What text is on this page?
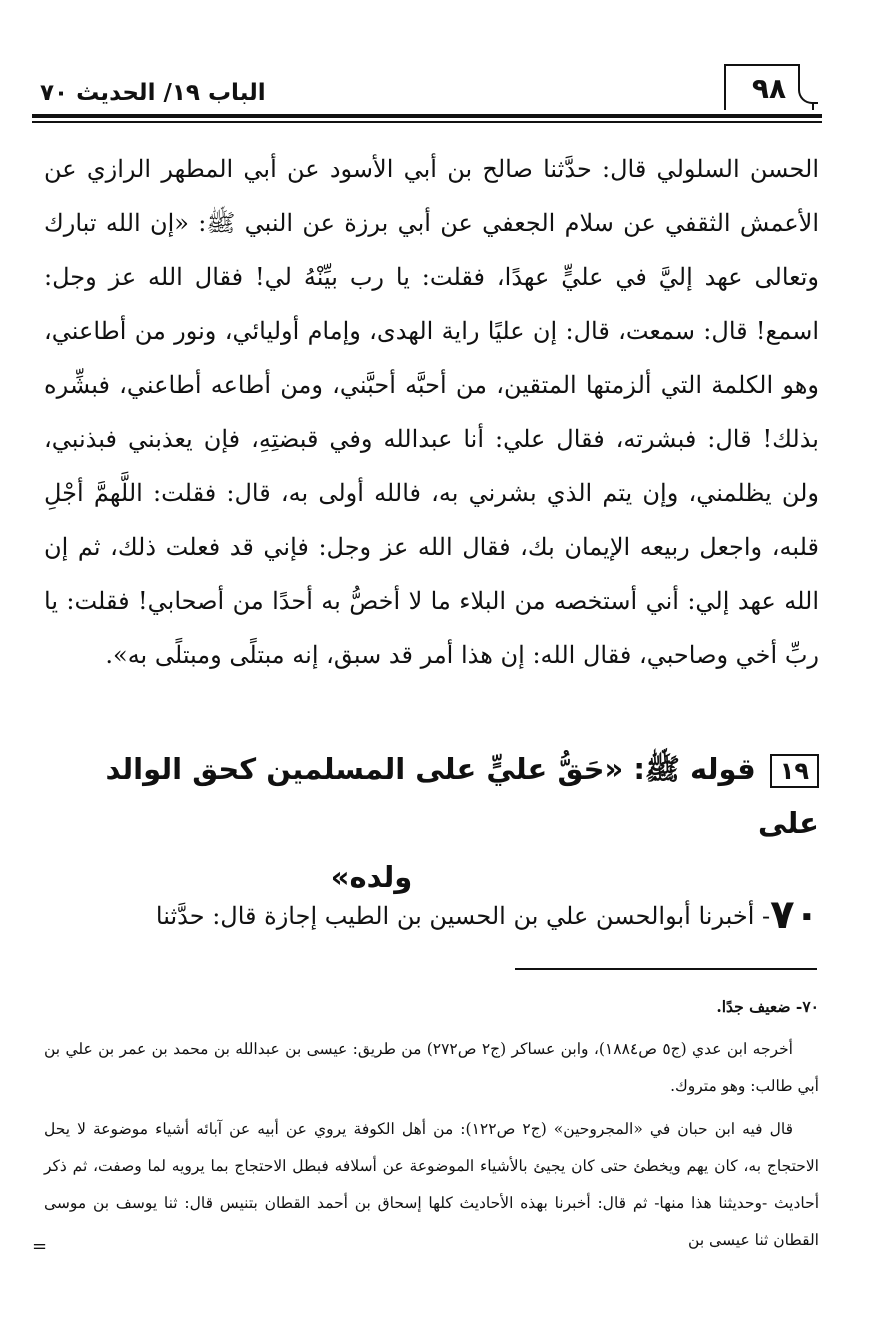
الباب ١٩/ الحديث ٧٠	٩٨

الحسن السلولي قال: حدَّثنا صالح بن أبي الأسود عن أبي المطهر الرازي عن الأعمش الثقفي عن سلام الجعفي عن أبي برزة عن النبي ﷺ: «إن الله تبارك وتعالى عهد إليَّ في عليٍّ عهدًا، فقلت: يا رب بيِّنْهُ لي! فقال الله عز وجل: اسمع! قال: سمعت، قال: إن عليًا راية الهدى، وإمام أوليائي، ونور من أطاعني، وهو الكلمة التي ألزمتها المتقين، من أحبَّه أحبَّني، ومن أطاعه أطاعني، فبشِّره بذلك! قال: فبشرته، فقال علي: أنا عبدالله وفي قبضتِهِ، فإن يعذبني فبذنبي، ولن يظلمني، وإن يتم الذي بشرني به، فالله أولى به، قال: فقلت: اللَّهمَّ أجْلِ قلبه، واجعل ربيعه الإيمان بك، فقال الله عز وجل: فإني قد فعلت ذلك، ثم إن الله عهد إلي: أني أستخصه من البلاء ما لا أخصُّ به أحدًا من أصحابي! فقلت: يا ربِّ أخي وصاحبي، فقال الله: إن هذا أمر قد سبق، إنه مبتلًى ومبتلًى به».

١٩قوله ﷺ: «حَقُّ عليٍّ على المسلمين كحق الوالد على
ولده»
٧٠- أخبرنا أبوالحسن علي بن الحسين بن الطيب إجازة قال: حدَّثنا

٧٠- ضعيف جدًا.

أخرجه ابن عدي (ج٥ ص١٨٨٤)، وابن عساكر (ج٢ ص٢٧٢) من طريق: عيسى بن عبدالله بن محمد بن عمر بن علي بن أبي طالب: وهو متروك.

قال فيه ابن حبان في «المجروحين» (ج٢ ص١٢٢): من أهل الكوفة يروي عن أبيه عن آبائه أشياء موضوعة لا يحل الاحتجاج به، كان يهم ويخطئ حتى كان يجيئ بالأشياء الموضوعة عن أسلافه فبطل الاحتجاج بما يرويه لما وصفت، ثم ذكر أحاديث -وحديثنا هذا منها- ثم قال: أخبرنا بهذه الأحاديث كلها إسحاق بن أحمد القطان بتنيس قال: ثنا يوسف بن موسى القطان ثنا عيسى بن

=
